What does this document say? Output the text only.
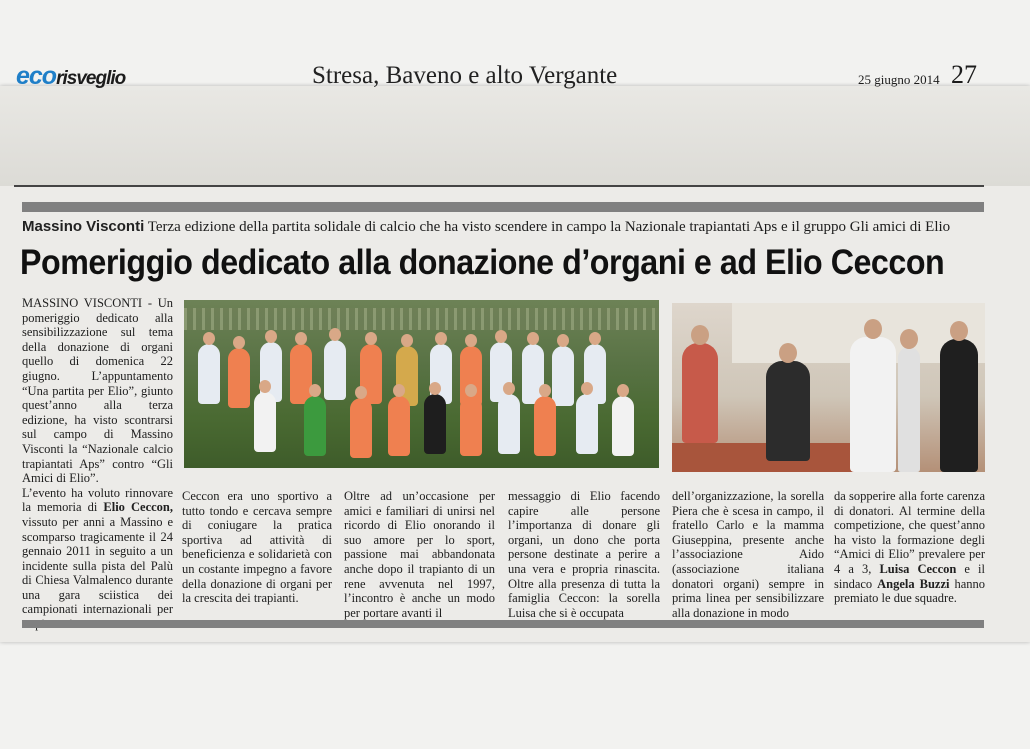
ecorisveglio	Stresa, Baveno e alto Vergante	25 giugno 2014 27
Massino Visconti Terza edizione della partita solidale di calcio che ha visto scendere in campo la Nazionale trapiantati Aps e il gruppo Gli amici di Elio
Pomeriggio dedicato alla donazione d’organi e ad Elio Ceccon
MASSINO VISCONTI - Un pomeriggio dedicato alla sensibilizzazione sul tema della donazione di organi quello di domenica 22 giugno. L’appuntamento “Una partita per Elio”, giunto quest’anno alla terza edizione, ha visto scontrarsi sul campo di Massino Visconti la “Nazionale calcio trapiantati Aps” contro “Gli Amici di Elio”.
L’evento ha voluto rinnovare la memoria di Elio Ceccon, vissuto per anni a Massino e scomparso tragicamente il 24 gennaio 2011 in seguito a un incidente sulla pista del Palù di Chiesa Valmalenco durante una gara sciistica dei campionati internazionali per
Ceccon era uno sportivo a tutto tondo e cercava sempre di coniugare la pratica sportiva ad attività di beneficienza e solidarietà con un costante impegno a favore della donazione di organi per la crescita dei trapianti.
Oltre ad un’occasione per amici e familiari di unirsi nel ricordo di Elio onorando il suo amore per lo sport, passione mai abbandonata anche dopo il trapianto di un rene avvenuta nel 1997, l’incontro è anche un modo per portare avanti il
messaggio di Elio facendo capire alle persone l’importanza di donare gli organi, un dono che porta persone destinate a perire a una vera e propria rinascita. Oltre alla presenza di tutta la famiglia Ceccon: la sorella Luisa che si è occupata
dell’organizzazione, la sorella Piera che è scesa in campo, il fratello Carlo e la mamma Giuseppina, presente anche l’associazione Aido (associazione italiana donatori organi) sempre in prima linea per sensibilizzare alla donazione in modo
da sopperire alla forte carenza di donatori. Al termine della competizione, che quest’anno ha visto la formazione degli “Amici di Elio” prevalere per 4 a 3, Luisa Ceccon e il sindaco Angela Buzzi hanno premiato le due squadre.
